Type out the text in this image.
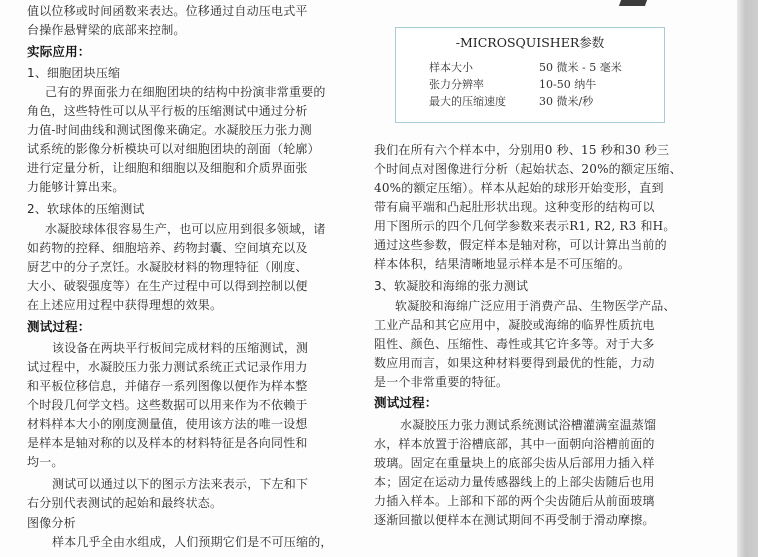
值以位移或时间函数来表达。位移通过自动压电式平
台操作悬臂梁的底部来控制。
实际应用：
1、细胞团块压缩
己有的界面张力在细胞团块的结构中扮演非常重要的
角色，这些特性可以从平行板的压缩测试中通过分析
力值-时间曲线和测试图像来确定。水凝胶压力张力测
试系统的影像分析模块可以对细胞团块的剖面（轮廓）
进行定量分析，让细胞和细胞以及细胞和介质界面张
力能够计算出来。
2、软球体的压缩测试
水凝胶球体很容易生产，也可以应用到很多领域，诸
如药物的控释、细胞培养、药物封囊、空间填充以及
厨艺中的分子烹饪。水凝胶材料的物理特征（刚度、
大小、破裂强度等）在生产过程中可以得到控制以便
在上述应用过程中获得理想的效果。
测试过程：
该设备在两块平行板间完成材料的压缩测试，测
试过程中，水凝胶压力张力测试系统正式记录作用力
和平板位移信息，并储存一系列图像以便作为样本整
个时段几何学文档。这些数据可以用来作为不依赖于
材料样本大小的刚度测量值，使用该方法的唯一设想
是样本是轴对称的以及样本的材料特征是各向同性和
均一。
测试可以通过以下的图示方法来表示，下左和下
右分别代表测试的起始和最终状态。
图像分析
样本几乎全由水组成，人们预期它们是不可压缩的，
-MICROSQUISHER参数
样本大小	50 微米 - 5 毫米
张力分辨率	10-50 纳牛
最大的压缩速度	30 微米/秒
我们在所有六个样本中，分别用0 秒、15 秒和30 秒三
个时间点对图像进行分析（起始状态、20%的额定压缩、
40%的额定压缩）。样本从起始的球形开始变形，直到
带有扁平端和凸起肚形状出现。这种变形的结构可以
用下图所示的四个几何学参数来表示R1, R2, R3 和H。
通过这些参数，假定样本是轴对称，可以计算出当前的
样本体积，结果清晰地显示样本是不可压缩的。
3、软凝胶和海绵的张力测试
软凝胶和海绵广泛应用于消费产品、生物医学产品、
工业产品和其它应用中，凝胶或海绵的临界性质抗电
阻性、颜色、压缩性、毒性或其它许多等。对于大多
数应用而言，如果这种材料要得到最优的性能，力动
是一个非常重要的特征。
测试过程：
水凝胶压力张力测试系统测试浴槽灌满室温蒸馏
水，样本放置于浴槽底部，其中一面朝向浴槽前面的
玻璃。固定在重量块上的底部尖齿从后部用力插入样
本；固定在运动力量传感器线上的上部尖齿随后也用
力插入样本。上部和下部的两个尖齿随后从前面玻璃
逐渐回撤以便样本在测试期间不再受制于滑动摩擦。
